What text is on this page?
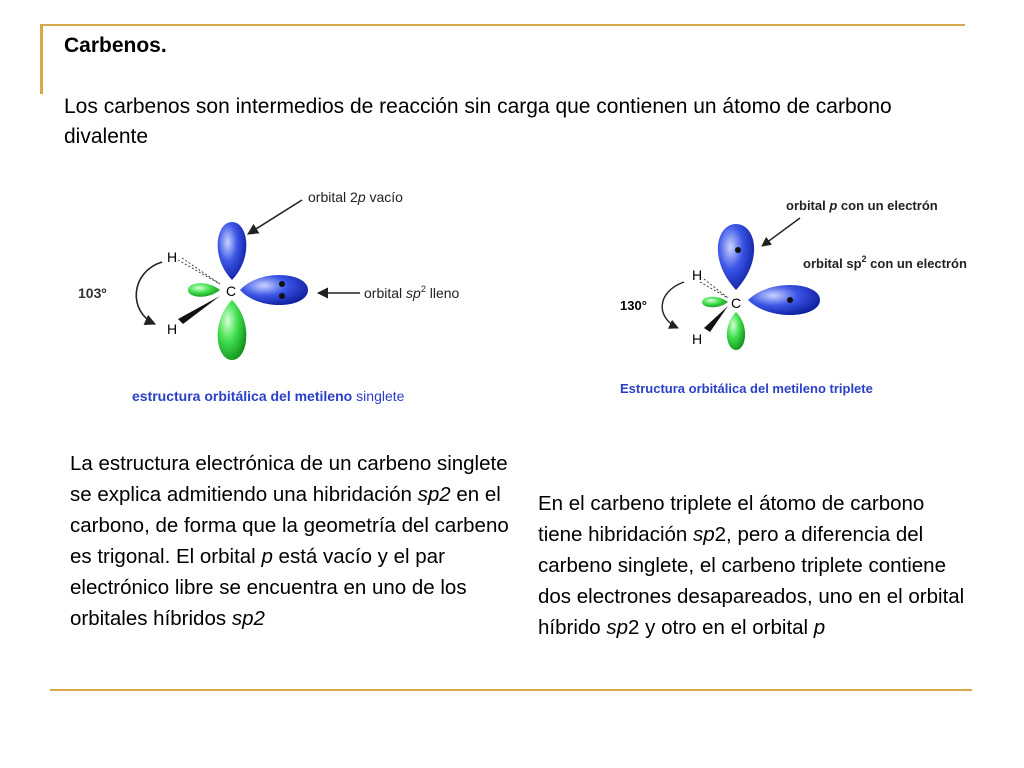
Carbenos.
Los carbenos son intermedios de reacción sin carga que contienen un átomo de carbono divalente
C
H
H
103º
orbital 2p vacío
orbital $sp^2$ lleno
estructura orbitálica del metileno singlete
C
H
H
130°
orbital p con un electrón
orbital $sp^2$ con un electrón
Estructura orbitálica del metileno triplete
La estructura electrónica de un carbeno singlete se explica admitiendo una hibridación sp2 en el carbono, de forma que la geometría del carbeno es trigonal. El orbital p está vacío y el par electrónico libre se encuentra en uno de los orbitales híbridos sp2
En el carbeno triplete el átomo de carbono tiene hibridación sp2, pero a diferencia del carbeno singlete, el carbeno triplete contiene dos electrones desapareados, uno en el orbital híbrido sp2 y otro en el orbital p
